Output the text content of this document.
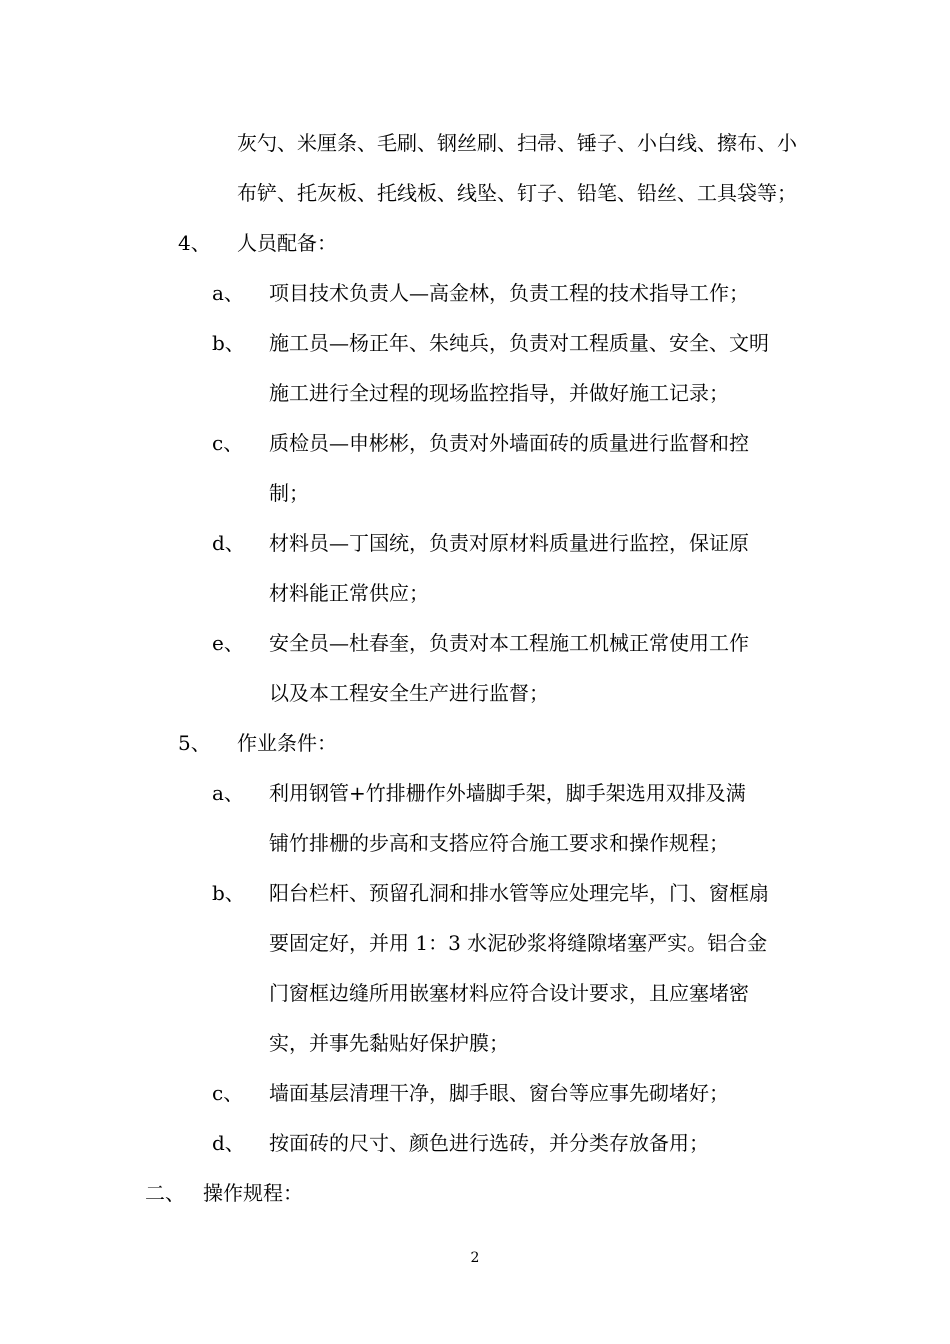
灰勺、米厘条、毛刷、钢丝刷、扫帚、锤子、小白线、擦布、小
布铲、托灰板、托线板、线坠、钉子、铅笔、铅丝、工具袋等；
4、 人员配备：
a、 项目技术负责人—高金林，负责工程的技术指导工作；
b、 施工员—杨正年、朱纯兵，负责对工程质量、安全、文明
施工进行全过程的现场监控指导，并做好施工记录；
c、 质检员—申彬彬，负责对外墙面砖的质量进行监督和控
制；
d、 材料员—丁国统，负责对原材料质量进行监控，保证原
材料能正常供应；
e、 安全员—杜春奎，负责对本工程施工机械正常使用工作
以及本工程安全生产进行监督；
5、 作业条件：
a、 利用钢管+竹排栅作外墙脚手架，脚手架选用双排及满
铺竹排栅的步高和支搭应符合施工要求和操作规程；
b、 阳台栏杆、预留孔洞和排水管等应处理完毕，门、窗框扇
要固定好，并用 1：3 水泥砂浆将缝隙堵塞严实。铝合金
门窗框边缝所用嵌塞材料应符合设计要求，且应塞堵密
实，并事先黏贴好保护膜；
c、 墙面基层清理干净，脚手眼、窗台等应事先砌堵好；
d、 按面砖的尺寸、颜色进行选砖，并分类存放备用；
二、 操作规程：
2
